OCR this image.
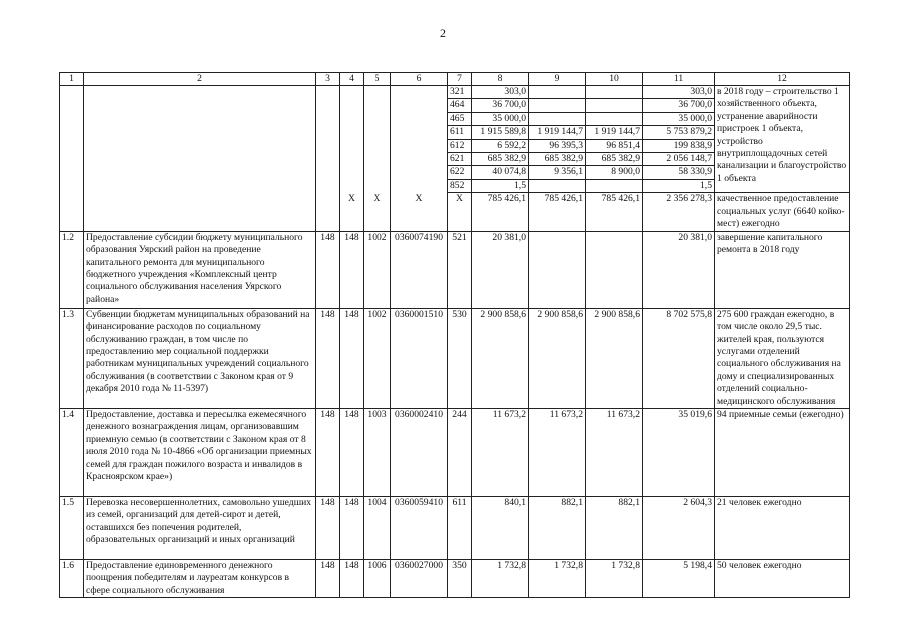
2
1	2	3	4	5	6	7	8	9	10	11	12
						321	303,0			303,0	в 2018 году – строительство 1 хозяйственного объекта, устранение аварийности пристроек 1 объекта, устройство внутриплощадочных сетей канализации и благоустройство 1 объекта
						464	36 700,0			36 700,0	
						465	35 000,0			35 000,0	
						611	1 915 589,8	1 919 144,7	1 919 144,7	5 753 879,2	
						612	6 592,2	96 395,3	96 851,4	199 838,9	
						621	685 382,9	685 382,9	685 382,9	2 056 148,7	
						622	40 074,8	9 356,1	8 900,0	58 330,9	
						852	1,5			1,5	
			Х	Х	Х	Х	785 426,1	785 426,1	785 426,1	2 356 278,3	качественное предоставление социальных услуг (6640 койко-мест) ежегодно
1.2	Предоставление субсидии бюджету муниципального образования Уярский район на проведение капитального ремонта для муниципального бюджетного учреждения «Комплексный центр социального обслуживания населения Уярского района»	148	148	1002	0360074190	521	20 381,0			20 381,0	завершение капитального ремонта в 2018 году
1.3	Субвенции бюджетам муниципальных образований на финансирование расходов по социальному обслуживанию граждан, в том числе по предоставлению мер социальной поддержки работникам муниципальных учреждений социального обслуживания (в соответствии с Законом края от 9 декабря 2010 года № 11-5397)	148	148	1002	0360001510	530	2 900 858,6	2 900 858,6	2 900 858,6	8 702 575,8	275 600 граждан ежегодно, в том числе около 29,5 тыс. жителей края, пользуются услугами отделений социального обслуживания на дому и специализированных отделений социально-медицинского обслуживания
1.4	Предоставление, доставка и пересылка ежемесячного денежного вознаграждения лицам, организовавшим приемную семью (в соответствии с Законом края от 8 июля 2010 года № 10-4866 «Об организации приемных семей для граждан пожилого возраста и инвалидов в Красноярском крае»)	148	148	1003	0360002410	244	11 673,2	11 673,2	11 673,2	35 019,6	94 приемные семьи (ежегодно)
1.5	Перевозка несовершеннолетних, самовольно ушедших из семей, организаций для детей-сирот и детей, оставшихся без попечения родителей, образовательных организаций и иных организаций	148	148	1004	0360059410	611	840,1	882,1	882,1	2 604,3	21 человек ежегодно
1.6	Предоставление единовременного денежного поощрения победителям и лауреатам конкурсов в сфере социального обслуживания	148	148	1006	0360027000	350	1 732,8	1 732,8	1 732,8	5 198,4	50 человек ежегодно
